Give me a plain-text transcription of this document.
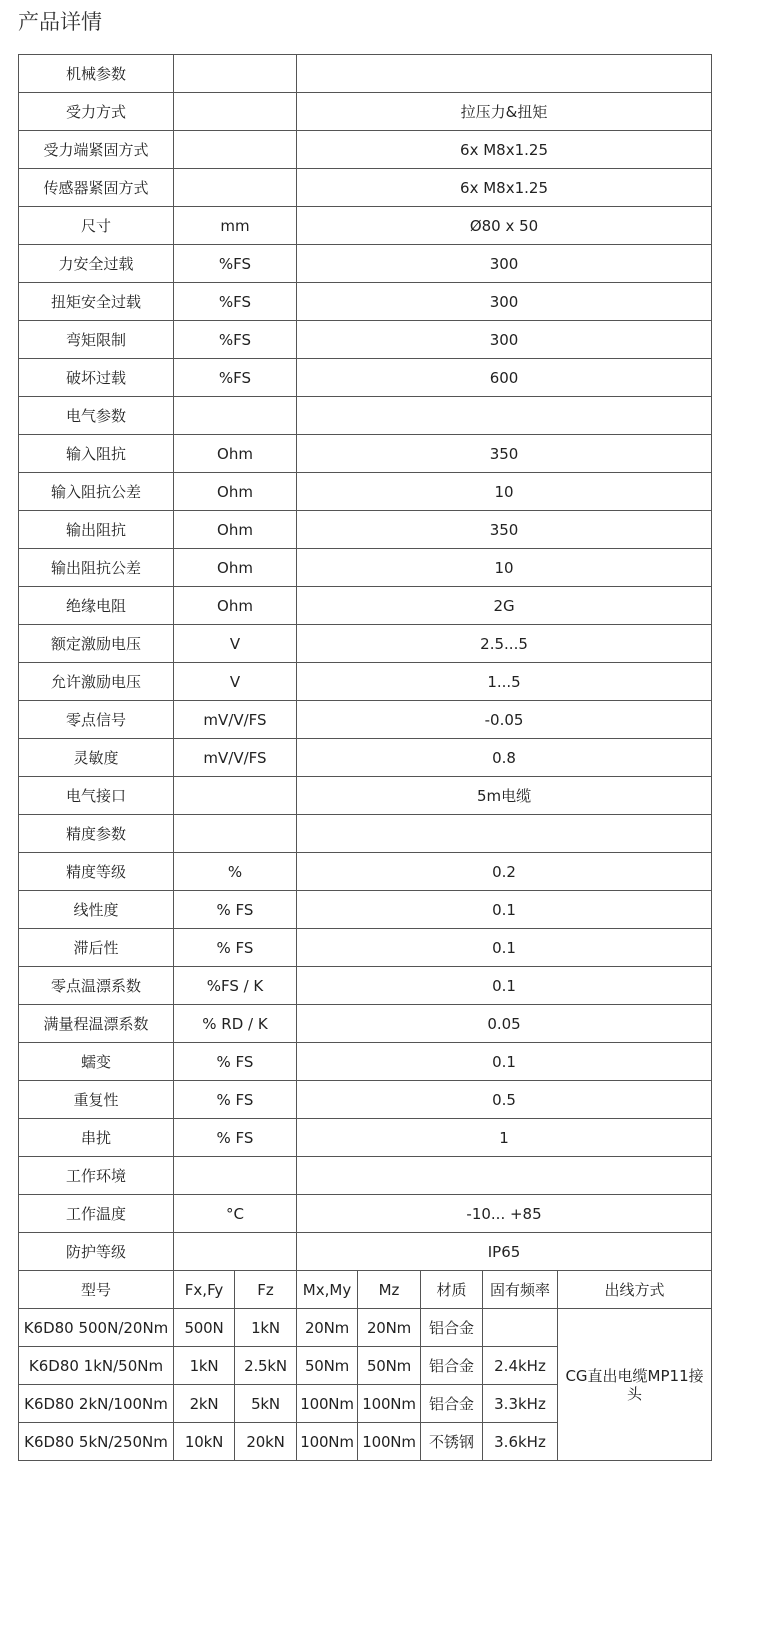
产品详情
机械参数							
受力方式			拉压力&扭矩				
受力端紧固方式			6x M8x1.25				
传感器紧固方式			6x M8x1.25				
尺寸	mm		Ø80 x 50				
力安全过载	%FS		300				
扭矩安全过载	%FS		300				
弯矩限制	%FS		300				
破坏过载	%FS		600				
电气参数							
输入阻抗	Ohm		350				
输入阻抗公差	Ohm		10				
输出阻抗	Ohm		350				
输出阻抗公差	Ohm		10				
绝缘电阻	Ohm		2G				
额定激励电压	V		2.5...5				
允许激励电压	V		1...5				
零点信号	mV/V/FS		-0.05				
灵敏度	mV/V/FS		0.8				
电气接口			5m电缆				
精度参数							
精度等级	%		0.2				
线性度	% FS		0.1				
滞后性	% FS		0.1				
零点温漂系数	%FS / K		0.1				
满量程温漂系数	% RD / K		0.05				
蠕变	% FS		0.1				
重复性	% FS		0.5				
串扰	% FS		1				
工作环境							
工作温度	°C		-10... +85				
防护等级			IP65				
型号	Fx,Fy	Fz	Mx,My	Mz	材质	固有频率	出线方式
K6D80 500N/20Nm	500N	1kN	20Nm	20Nm	铝合金		CG直出电缆MP11接头
K6D80 1kN/50Nm	1kN	2.5kN	50Nm	50Nm	铝合金	2.4kHz	
K6D80 2kN/100Nm	2kN	5kN	100Nm	100Nm	铝合金	3.3kHz	
K6D80 5kN/250Nm	10kN	20kN	100Nm	100Nm	不锈钢	3.6kHz	
